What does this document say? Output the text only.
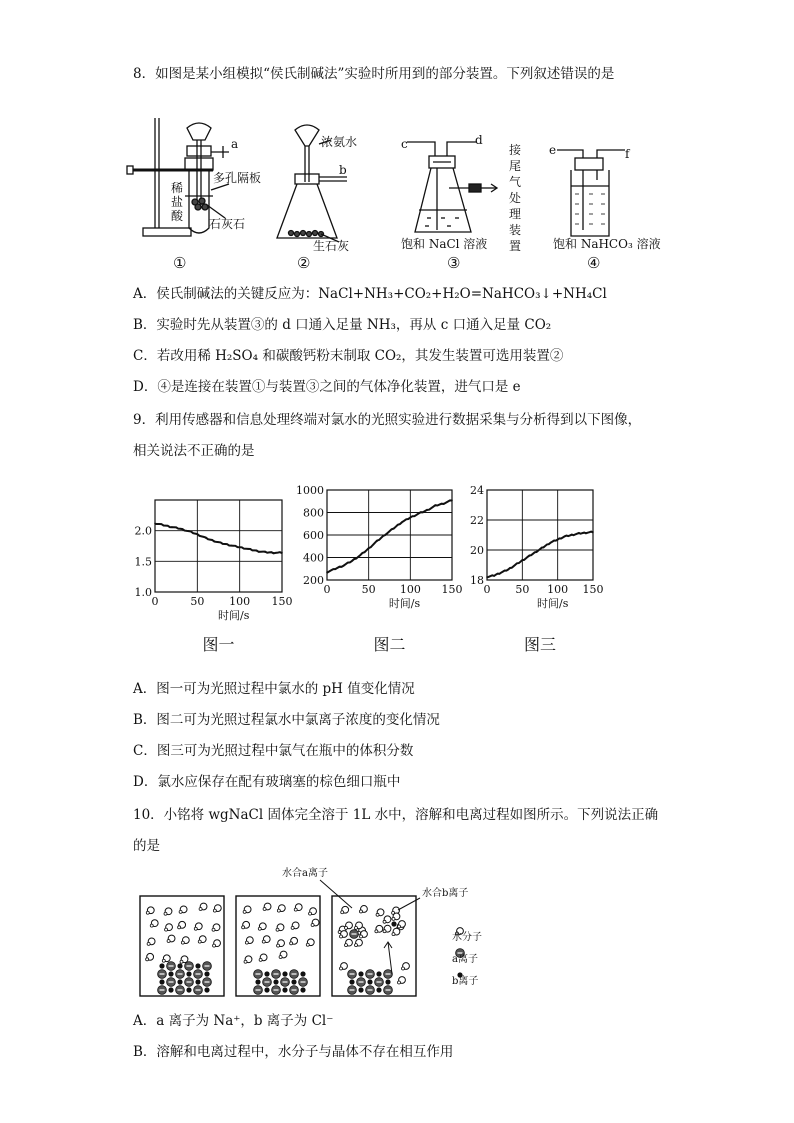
8．如图是某小组模拟“侯氏制碱法”实验时所用到的部分装置。下列叙述错误的是
a
多孔隔板
稀
盐
酸
石灰石
①
浓氨水
b
生石灰
②
c	d
接
尾
气
处
理
装
置
饱和 NaCl 溶液
③
e	f
饱和 NaHCO₃ 溶液
④
A．侯氏制碱法的关键反应为：NaCl+NH₃+CO₂+H₂O=NaHCO₃↓+NH₄Cl
B．实验时先从装置③的 d 口通入足量 NH₃，再从 c 口通入足量 CO₂
C．若改用稀 H₂SO₄ 和碳酸钙粉末制取 CO₂，其发生装置可选用装置②
D．④是连接在装置①与装置③之间的气体净化装置，进气口是 e
9．利用传感器和信息处理终端对氯水的光照实验进行数据采集与分析得到以下图像，
相关说法不正确的是
0	50 100 150
1.0
1.5
2.0
时间/s
图一
0	50 100 150
200
400
600
800
1000
时间/s
图二
0 50 100 150
18
20
22
24
时间/s
图三
A．图一可为光照过程中氯水的 pH 值变化情况
B．图二可为光照过程氯水中氯离子浓度的变化情况
C．图三可为光照过程中氯气在瓶中的体积分数
D．氯水应保存在配有玻璃塞的棕色细口瓶中
10．小铭将 wgNaCl 固体完全溶于 1L 水中，溶解和电离过程如图所示。下列说法正确
的是
水合a离子
水合b离子
水分子
a离子
b离子
A．a 离子为 Na⁺，b 离子为 Cl⁻
B．溶解和电离过程中，水分子与晶体不存在相互作用
